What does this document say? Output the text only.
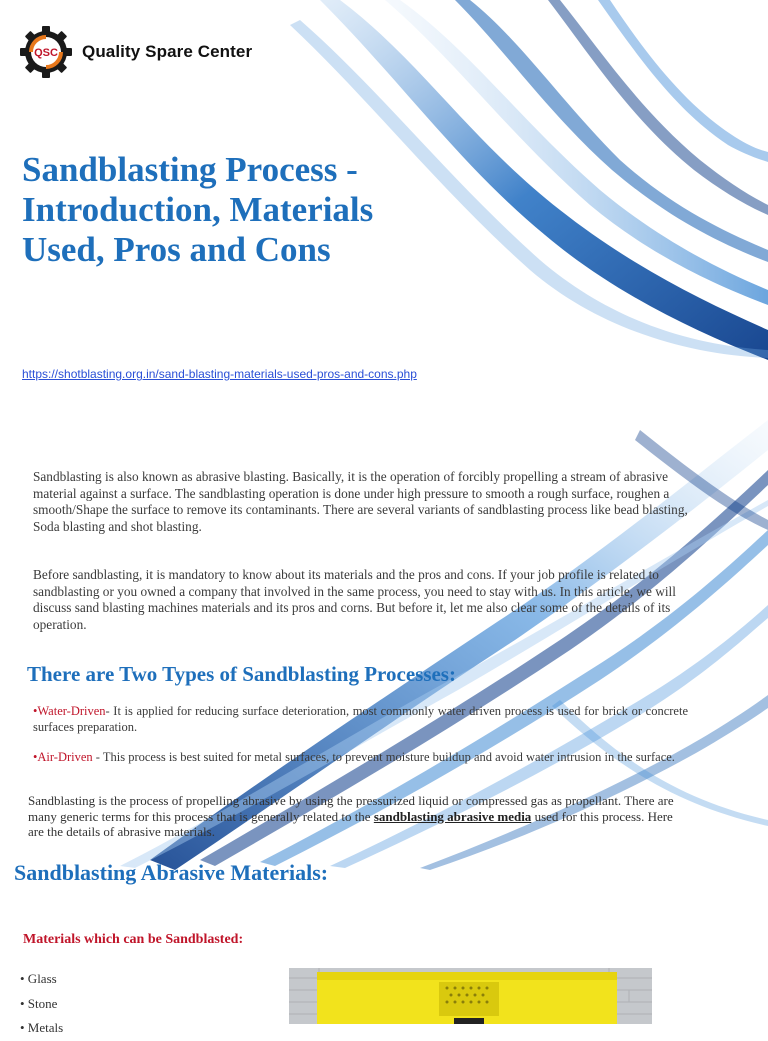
QSC Quality Spare Center
Sandblasting Process - Introduction, Materials Used, Pros and Cons
https://shotblasting.org.in/sand-blasting-materials-used-pros-and-cons.php

Sandblasting is also known as abrasive blasting. Basically, it is the operation of forcibly propelling a stream of abrasive material against a surface. The sandblasting operation is done under high pressure to smooth a rough surface, roughen a smooth/Shape the surface to remove its contaminants. There are several variants of sandblasting process like bead blasting, Soda blasting and shot blasting.

Before sandblasting, it is mandatory to know about its materials and the pros and cons. If your job profile is related to sandblasting or you owned a company that involved in the same process, you need to stay with us. In this article, we will discuss sand blasting machines materials and its pros and corns. But before it, let me also clear some of the details of its operation.

There are Two Types of Sandblasting Processes:

•Water-Driven- It is applied for reducing surface deterioration, most commonly water driven process is used for brick or concrete surfaces preparation.

•Air-Driven - This process is best suited for metal surfaces, to prevent moisture buildup and avoid water intrusion in the surface.

Sandblasting is the process of propelling abrasive by using the pressurized liquid or compressed gas as propellant. There are many generic terms for this process that is generally related to the sandblasting abrasive media used for this process. Here are the details of abrasive materials.

Sandblasting Abrasive Materials:
Materials which can be Sandblasted:
• Glass
• Stone
• Metals
